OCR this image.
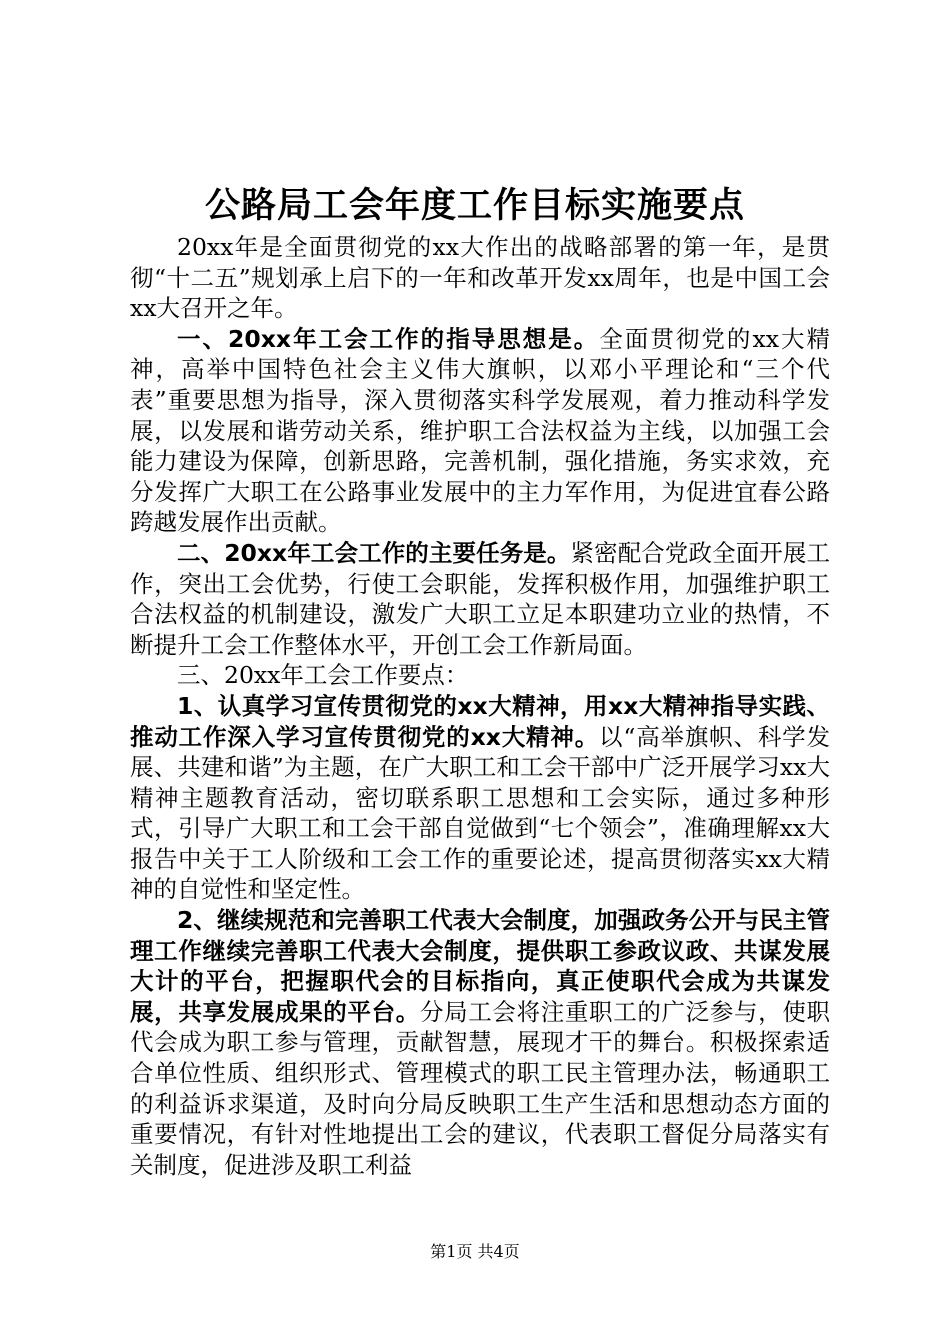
公路局工会年度工作目标实施要点

20xx年是全面贯彻党的xx大作出的战略部署的第一年，是贯彻“十二五”规划承上启下的一年和改革开发xx周年，也是中国工会xx大召开之年。

一、20xx年工会工作的指导思想是。全面贯彻党的xx大精神，高举中国特色社会主义伟大旗帜，以邓小平理论和“三个代表”重要思想为指导，深入贯彻落实科学发展观，着力推动科学发展，以发展和谐劳动关系，维护职工合法权益为主线，以加强工会能力建设为保障，创新思路，完善机制，强化措施，务实求效，充分发挥广大职工在公路事业发展中的主力军作用，为促进宜春公路跨越发展作出贡献。

二、20xx年工会工作的主要任务是。紧密配合党政全面开展工作，突出工会优势，行使工会职能，发挥积极作用，加强维护职工合法权益的机制建设，激发广大职工立足本职建功立业的热情，不断提升工会工作整体水平，开创工会工作新局面。

三、20xx年工会工作要点：

1、认真学习宣传贯彻党的xx大精神，用xx大精神指导实践、推动工作深入学习宣传贯彻党的xx大精神。以“高举旗帜、科学发展、共建和谐”为主题，在广大职工和工会干部中广泛开展学习xx大精神主题教育活动，密切联系职工思想和工会实际，通过多种形式，引导广大职工和工会干部自觉做到“七个领会”，准确理解xx大报告中关于工人阶级和工会工作的重要论述，提高贯彻落实xx大精神的自觉性和坚定性。

2、继续规范和完善职工代表大会制度，加强政务公开与民主管理工作继续完善职工代表大会制度，提供职工参政议政、共谋发展大计的平台，把握职代会的目标指向，真正使职代会成为共谋发展，共享发展成果的平台。分局工会将注重职工的广泛参与，使职代会成为职工参与管理，贡献智慧，展现才干的舞台。积极探索适合单位性质、组织形式、管理模式的职工民主管理办法，畅通职工的利益诉求渠道，及时向分局反映职工生产生活和思想动态方面的重要情况，有针对性地提出工会的建议，代表职工督促分局落实有关制度，促进涉及职工利益

第1页 共4页
